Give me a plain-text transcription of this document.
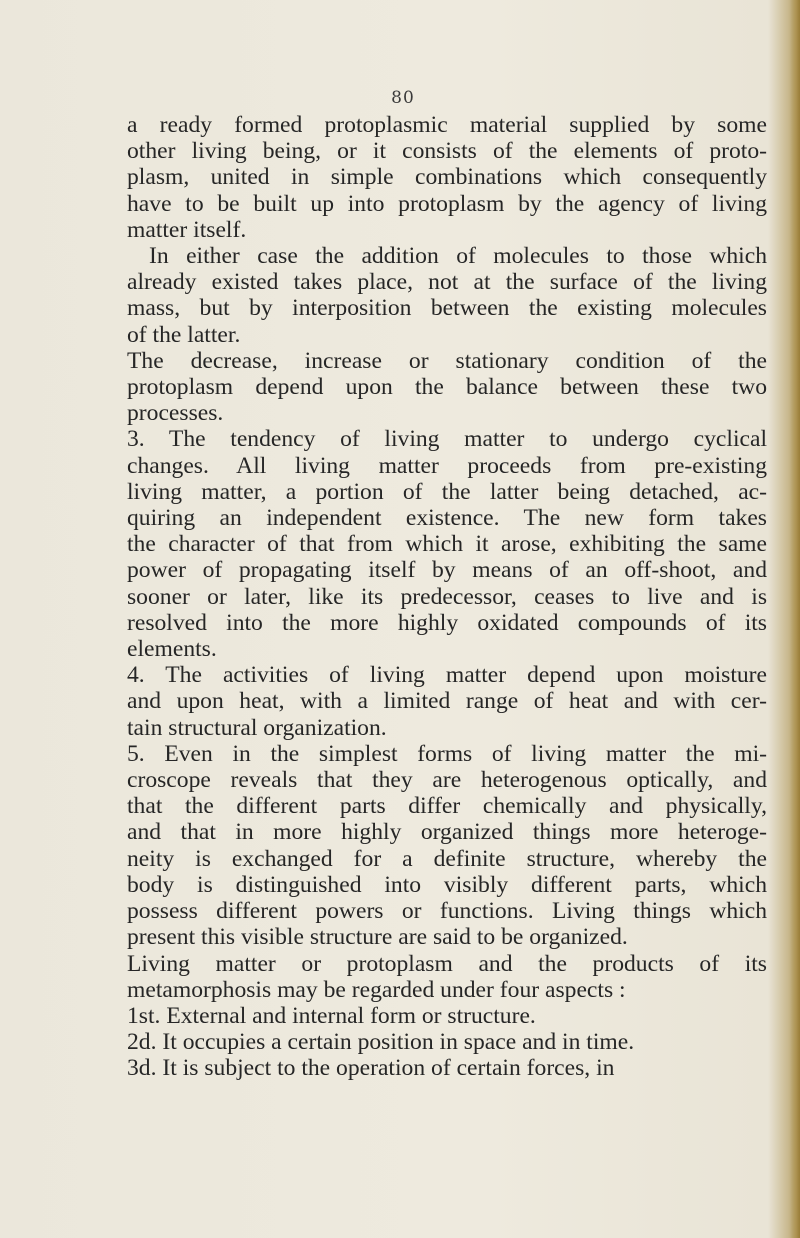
80
a ready formed protoplasmic material supplied by some
other living being, or it consists of the elements of proto-
plasm, united in simple combinations which consequently
have to be built up into protoplasm by the agency of living
matter itself.
In either case the addition of molecules to those which
already existed takes place, not at the surface of the living
mass, but by interposition between the existing molecules
of the latter.
The decrease, increase or stationary condition of the
protoplasm depend upon the balance between these two
processes.
3. The tendency of living matter to undergo cyclical
changes. All living matter proceeds from pre-existing
living matter, a portion of the latter being detached, ac-
quiring an independent existence. The new form takes
the character of that from which it arose, exhibiting the same
power of propagating itself by means of an off-shoot, and
sooner or later, like its predecessor, ceases to live and is
resolved into the more highly oxidated compounds of its
elements.
4. The activities of living matter depend upon moisture
and upon heat, with a limited range of heat and with cer-
tain structural organization.
5. Even in the simplest forms of living matter the mi-
croscope reveals that they are heterogenous optically, and
that the different parts differ chemically and physically,
and that in more highly organized things more heteroge-
neity is exchanged for a definite structure, whereby the
body is distinguished into visibly different parts, which
possess different powers or functions. Living things which
present this visible structure are said to be organized.
Living matter or protoplasm and the products of its
metamorphosis may be regarded under four aspects :
1st. External and internal form or structure.
2d. It occupies a certain position in space and in time.
3d. It is subject to the operation of certain forces, in
